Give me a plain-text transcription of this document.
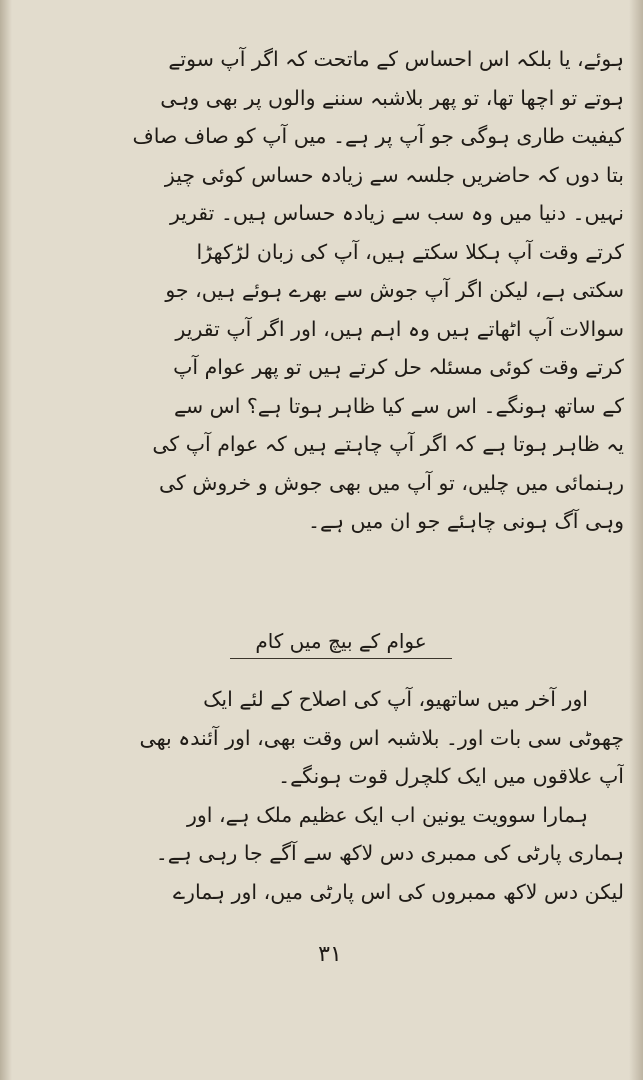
ہوئے، یا بلکہ اس احساس کے ماتحت کہ اگر آپ سوتے
ہوتے تو اچھا تھا، تو پھر بلاشبہ سننے والوں پر بھی وہی
کیفیت طاری ہوگی جو آپ پر ہے۔ میں آپ کو صاف صاف
بتا دوں کہ حاضریں جلسہ سے زیادہ حساس کوئی چیز
نہیں۔ دنیا میں وہ سب سے زیادہ حساس ہیں۔ تقریر
کرتے وقت آپ ہکلا سکتے ہیں، آپ کی زبان لڑکھڑا
سکتی ہے، لیکن اگر آپ جوش سے بھرے ہوئے ہیں، جو
سوالات آپ اٹھاتے ہیں وہ اہم ہیں، اور اگر آپ تقریر
کرتے وقت کوئی مسئلہ حل کرتے ہیں تو پھر عوام آپ
کے ساتھ ہونگے۔ اس سے کیا ظاہر ہوتا ہے؟ اس سے
یہ ظاہر ہوتا ہے کہ اگر آپ چاہتے ہیں کہ عوام آپ کی
رہنمائی میں چلیں، تو آپ میں بھی جوش و خروش کی
وہی آگ ہونی چاہئے جو ان میں ہے۔
عوام کے بیچ میں کام
اور آخر میں ساتھیو، آپ کی اصلاح کے لئے ایک
چھوٹی سی بات اور۔ بلاشبہ اس وقت بھی، اور آئندہ بھی
آپ علاقوں میں ایک کلچرل قوت ہونگے۔
ہمارا سوویت یونین اب ایک عظیم ملک ہے، اور
ہماری پارٹی کی ممبری دس لاکھ سے آگے جا رہی ہے۔
لیکن دس لاکھ ممبروں کی اس پارٹی میں، اور ہمارے
۳۱
